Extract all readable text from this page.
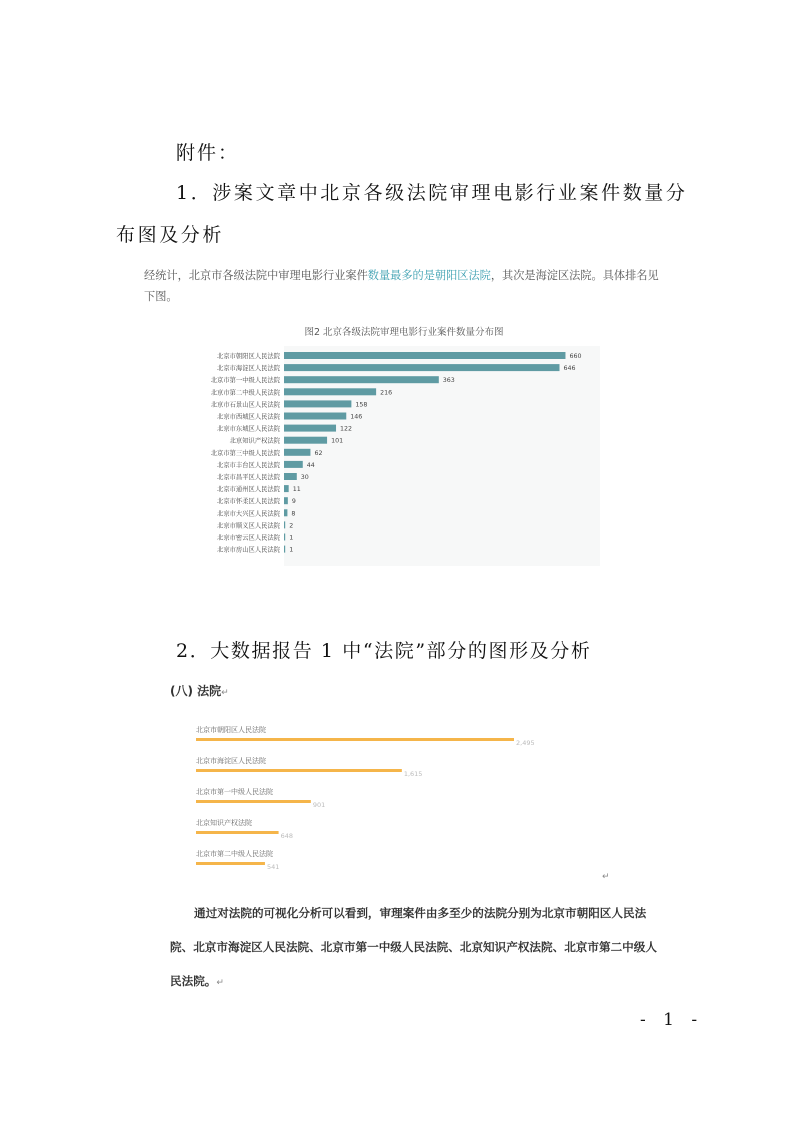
附件：
1．涉案文章中北京各级法院审理电影行业案件数量分
布图及分析
经统计，北京市各级法院中审理电影行业案件数量最多的是朝阳区法院，其次是海淀区法院。具体排名见下图。
图2 北京各级法院审理电影行业案件数量分布图
北京市朝阳区人民法院	660
北京市海淀区人民法院	646
北京市第一中级人民法院	363
北京市第二中级人民法院	216
北京市石景山区人民法院	158
北京市西城区人民法院	146
北京市东城区人民法院	122
北京知识产权法院	101
北京市第三中级人民法院	62
北京市丰台区人民法院	44
北京市昌平区人民法院	30
北京市通州区人民法院 11
北京市怀柔区人民法院 9
北京市大兴区人民法院 8
北京市顺义区人民法院 2
北京市密云区人民法院 1
北京市房山区人民法院 1
2．大数据报告 1 中“法院”部分的图形及分析
(八) 法院↵
北京市朝阳区人民法院
2,495
北京市海淀区人民法院
1,615
北京市第一中级人民法院
901
北京知识产权法院
648
北京市第二中级人民法院
541
↵
通过对法院的可视化分析可以看到，审理案件由多至少的法院分别为北京市朝阳区人民法院、北京市海淀区人民法院、北京市第一中级人民法院、北京知识产权法院、北京市第二中级人民法院。↵
- 1 -
